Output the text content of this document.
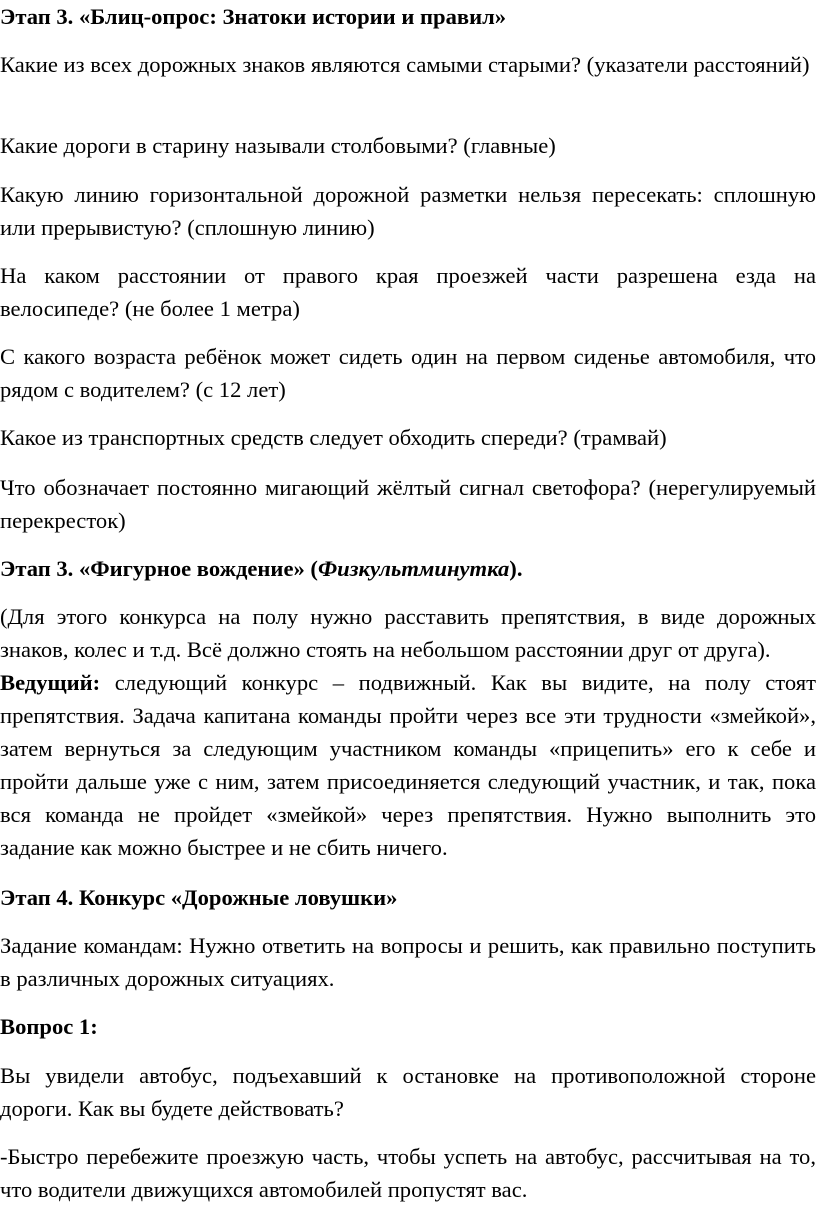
Этап 3. «Блиц-опрос: Знатоки истории и правил»

Какие из всех дорожных знаков являются самыми старыми? (указатели расстояний)

Какие дороги в старину называли столбовыми? (главные)

Какую линию горизонтальной дорожной разметки нельзя пересекать: сплошную или прерывистую? (сплошную линию)

На каком расстоянии от правого края проезжей части разрешена езда на велосипеде? (не более 1 метра)

С какого возраста ребёнок может сидеть один на первом сиденье автомобиля, что рядом с водителем? (с 12 лет)

Какое из транспортных средств следует обходить спереди? (трамвай)

Что обозначает постоянно мигающий жёлтый сигнал светофора? (нерегулируемый перекресток)

Этап 3. «Фигурное вождение» (Физкультминутка).

(Для этого конкурса на полу нужно расставить препятствия, в виде дорожных знаков, колес и т.д. Всё должно стоять на небольшом расстоянии друг от друга).

Ведущий: следующий конкурс – подвижный. Как вы видите, на полу стоят препятствия. Задача капитана команды пройти через все эти трудности «змейкой», затем вернуться за следующим участником команды «прицепить» его к себе и пройти дальше уже с ним, затем присоединяется следующий участник, и так, пока вся команда не пройдет «змейкой» через препятствия. Нужно выполнить это задание как можно быстрее и не сбить ничего.

Этап 4. Конкурс «Дорожные ловушки»

Задание командам: Нужно ответить на вопросы и решить, как правильно поступить в различных дорожных ситуациях.

Вопрос 1:

Вы увидели автобус, подъехавший к остановке на противоположной стороне дороги. Как вы будете действовать?

-Быстро перебежите проезжую часть, чтобы успеть на автобус, рассчитывая на то, что водители движущихся автомобилей пропустят вас.
